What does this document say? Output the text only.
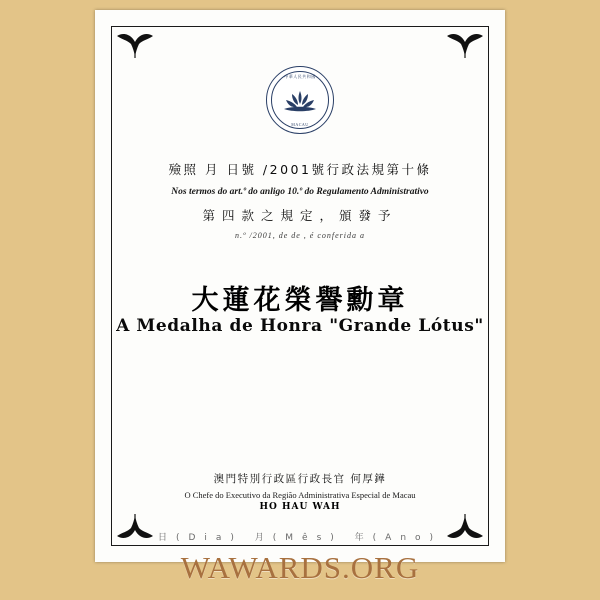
中華人民共和國
MACAU
殮照 月 日號 /2001號行政法規第十條
Nos termos do art.º do anligo 10.º do Regulamento Administrativo
第四款之規定，頒發予
n.º /2001, de de , é conferida a
大蓮花榮譽勳章
A Medalha de Honra "Grande Lótus"
澳門特別行政區行政長官 何厚鏵
O Chefe do Executivo da Região Administrativa Especial de Macau
HO HAU WAH
日(Dia) 月(Mês) 年(Ano)
WAWARDS.ORG
